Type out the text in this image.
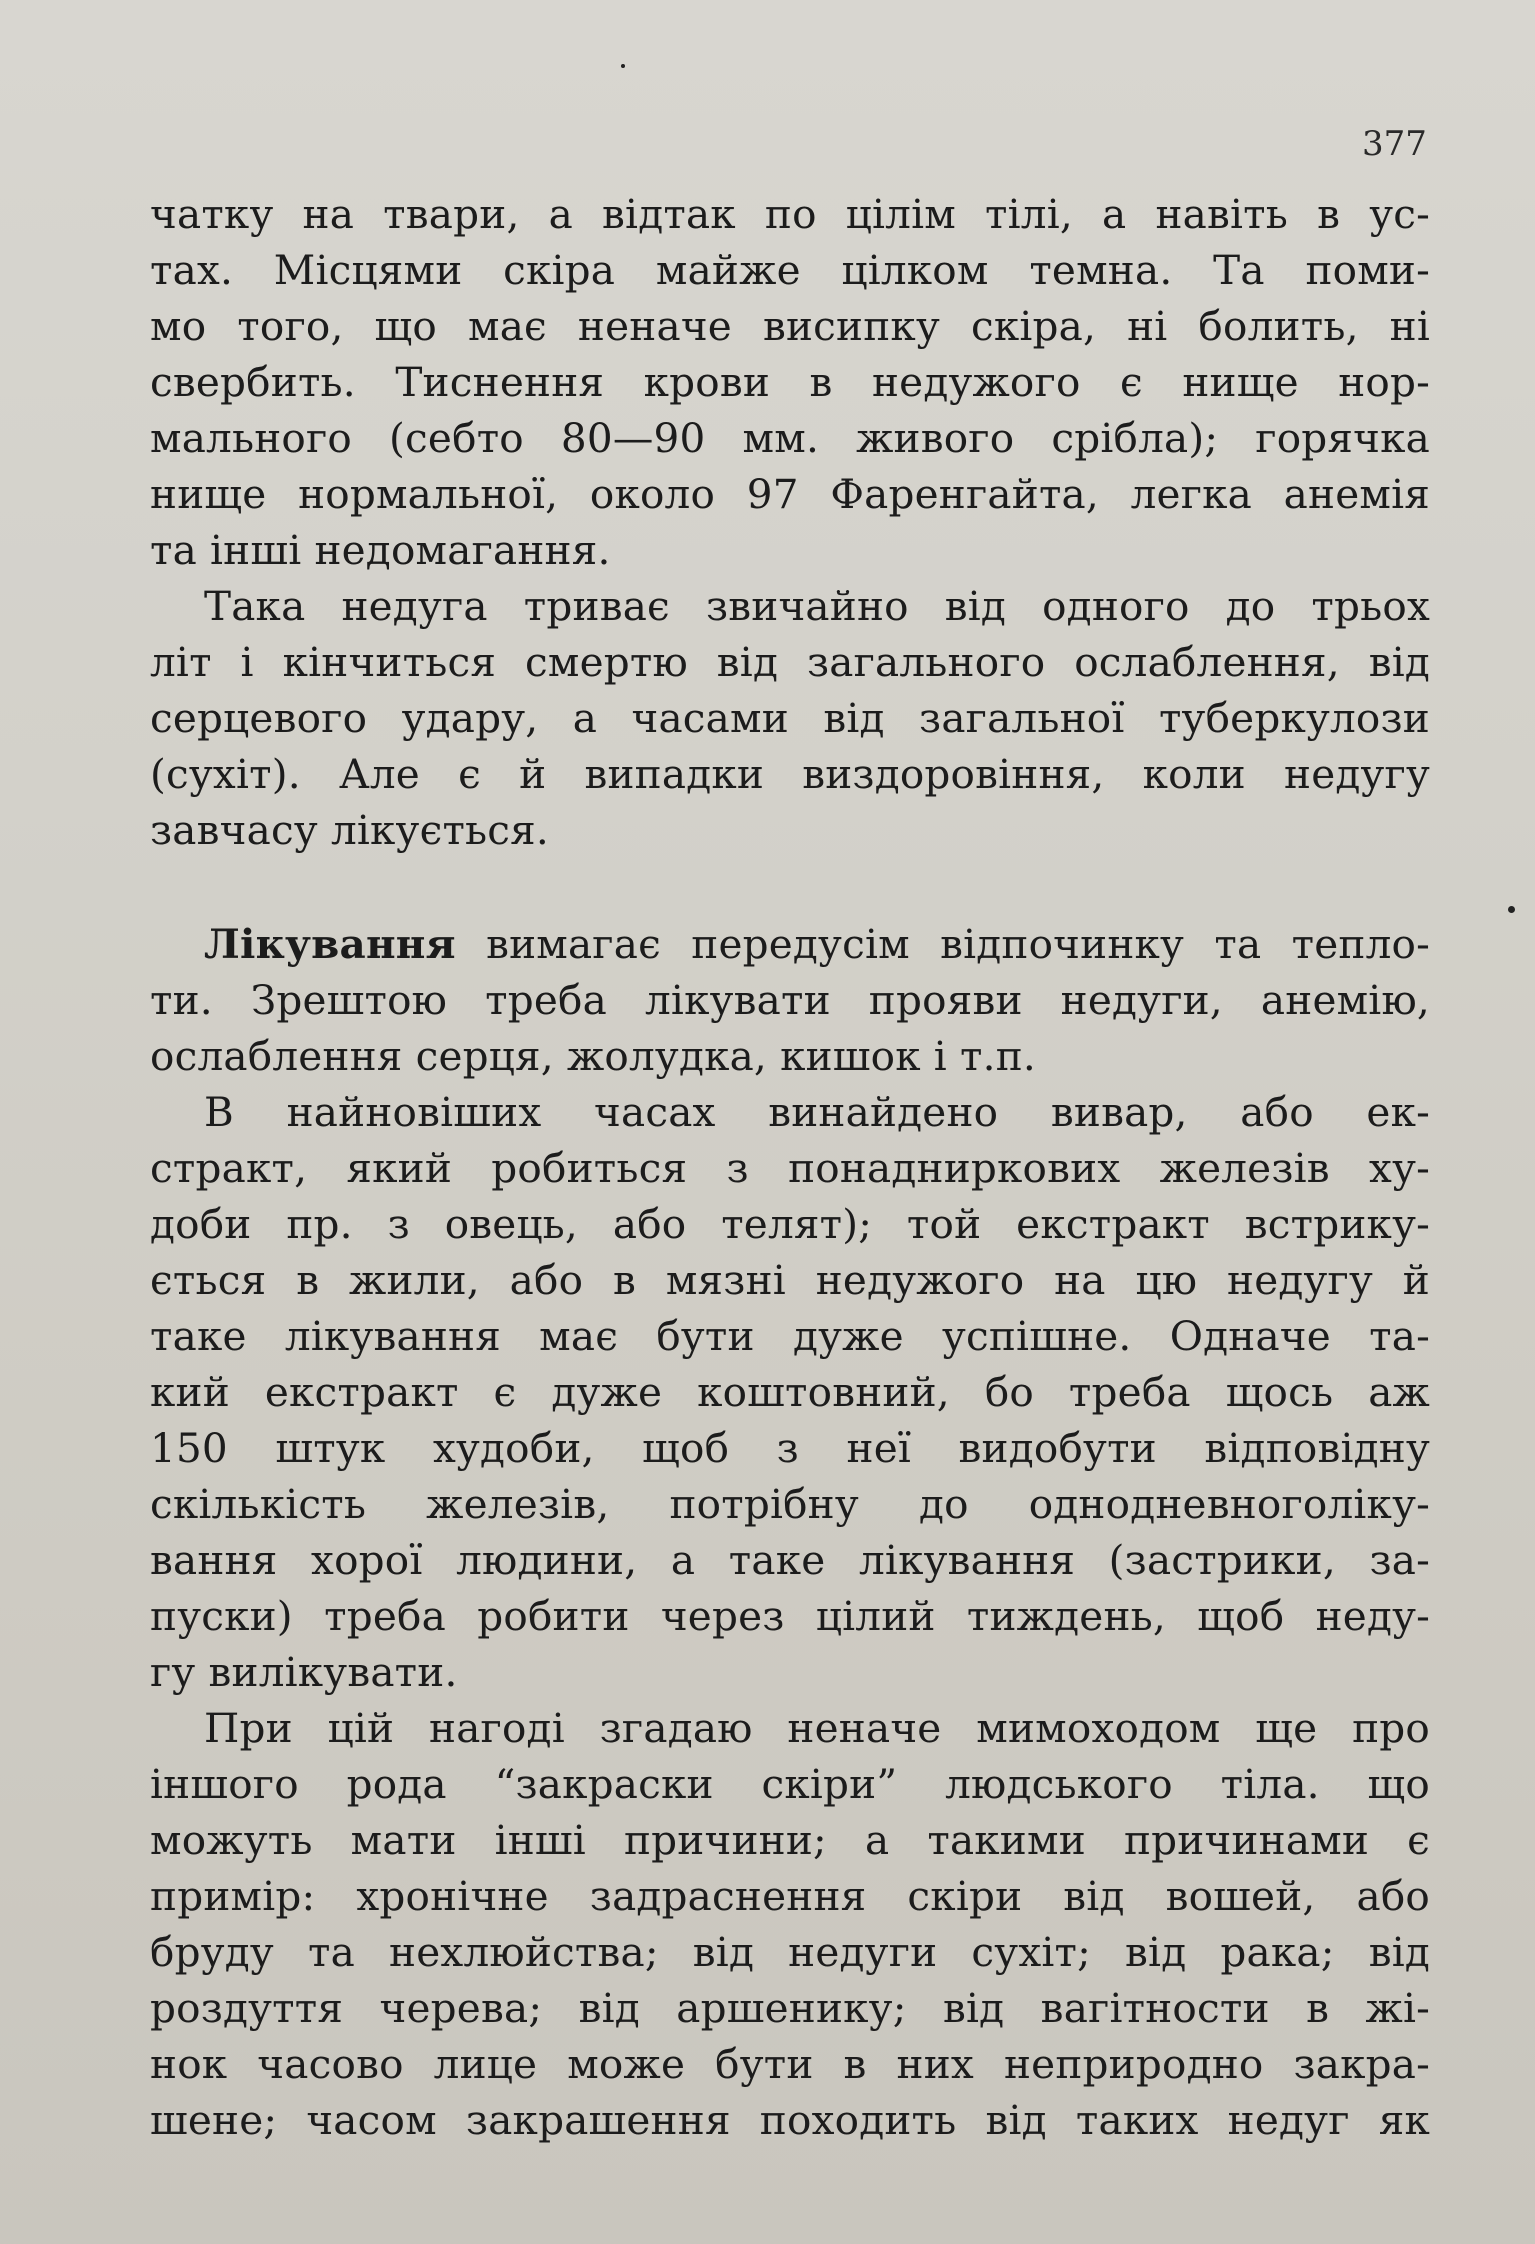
377
чатку на твари, а відтак по цілім тілі, а навіть в ус-
тах. Місцями скіра майже цілком темна. Та поми-
мо того, що має неначе висипку скіра, ні болить, ні
свербить. Тиснення крови в недужого є нище нор-
мального (себто 80—90 мм. живого срібла); горячка
нище нормальної, около 97 Фаренгайта, легка анемія
та інші недомагання.
Така недуга триває звичайно від одного до трьох
літ і кінчиться смертю від загального ослаблення, від
серцевого удару, а часами від загальної туберкулози
(сухіт). Але є й випадки виздоровіння, коли недугу
завчасу лікується.
Лікування вимагає передусім відпочинку та тепло-
ти. Зрештою треба лікувати прояви недуги, анемію,
ослаблення серця, жолудка, кишок і т.п.
В найновіших часах винайдено вивар, або ек-
стракт, який робиться з понадниркових железів ху-
доби пр. з овець, або телят); той екстракт встрику-
ється в жили, або в мязні недужого на цю недугу й
таке лікування має бути дуже успішне. Одначе та-
кий екстракт є дуже коштовний, бо треба щось аж
150 штук худоби, щоб з неї видобути відповідну
скількість железів, потрібну до однодневноголіку-
вання хорої людини, а таке лікування (застрики, за-
пуски) треба робити через цілий тиждень, щоб неду-
гу вилікувати.
При цій нагоді згадаю неначе мимоходом ще про
іншого рода “закраски скіри” людського тіла. що
можуть мати інші причини; а такими причинами є
примір: хронічне задраснення скіри від вошей, або
бруду та нехлюйства; від недуги сухіт; від рака; від
роздуття черева; від аршенику; від вагітности в жі-
нок часово лице може бути в них неприродно закра-
шене; часом закрашення походить від таких недуг як
